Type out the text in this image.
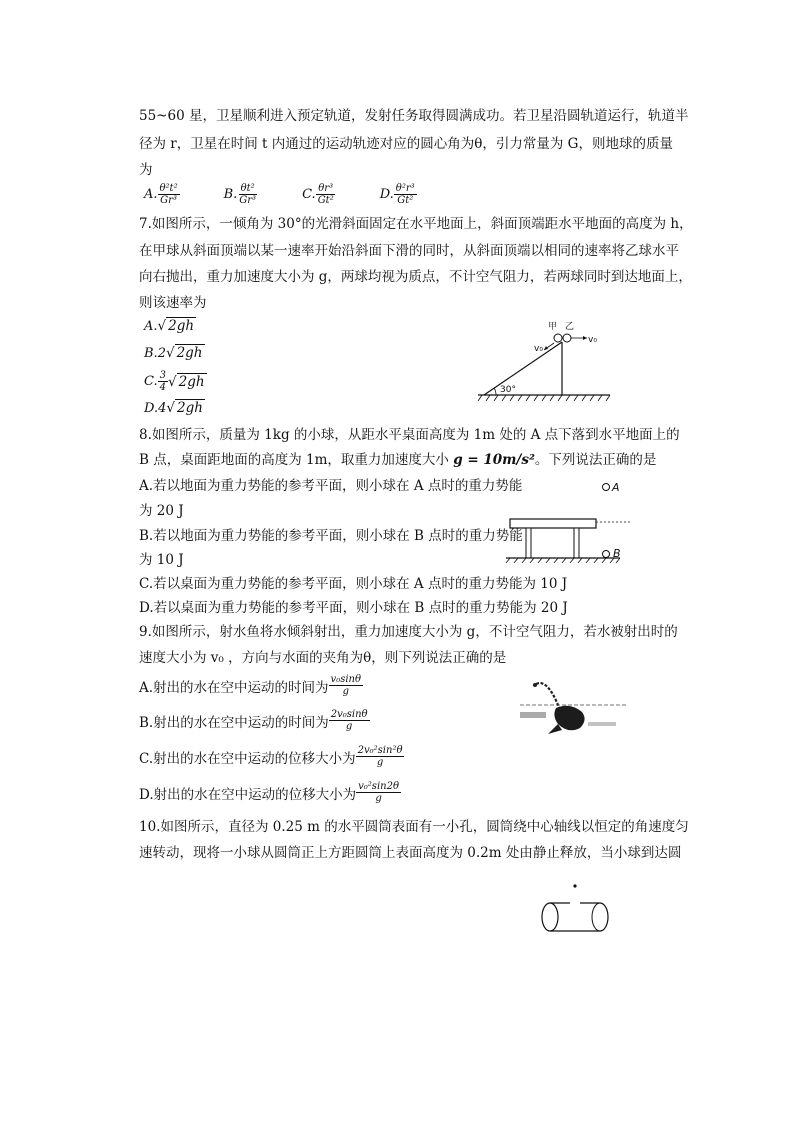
55~60 星，卫星顺利进入预定轨道，发射任务取得圆满成功。若卫星沿圆轨道运行，轨道半
径为 r，卫星在时间 t 内通过的运动轨迹对应的圆心角为θ，引力常量为 G，则地球的质量
为
A. $\frac{\text{θ²t²}}{\text{Gr³}}$	B. $\frac{\text{θt²}}{\text{Gr³}}$	C. $\frac{\text{θr³}}{\text{Gt²}}$	D. $\frac{\text{θ²r³}}{\text{Gt²}}$
7.如图所示，一倾角为 30°的光滑斜面固定在水平地面上，斜面顶端距水平地面的高度为 h，
在甲球从斜面顶端以某一速率开始沿斜面下滑的同时，从斜面顶端以相同的速率将乙球水平
向右抛出，重力加速度大小为 g，两球均视为质点，不计空气阻力，若两球同时到达地面上，
则该速率为
A. √ 2gh
B. 2 √ 2gh
C. $\frac{3}{4}$ √ 2gh
D. 4 √ 2gh
30°
甲 乙
v₀
v₀
8.如图所示，质量为 1kg 的小球，从距水平桌面高度为 1m 处的 A 点下落到水平地面上的
B 点，桌面距地面的高度为 1m，取重力加速度大小 g = 10m/s²。下列说法正确的是
A.若以地面为重力势能的参考平面，则小球在 A 点时的重力势能
为 20 J
B.若以地面为重力势能的参考平面，则小球在 B 点时的重力势能
为 10 J
C.若以桌面为重力势能的参考平面，则小球在 A 点时的重力势能为 10 J
D.若以桌面为重力势能的参考平面，则小球在 B 点时的重力势能为 20 J
A
B
9.如图所示，射水鱼将水倾斜射出，重力加速度大小为 g，不计空气阻力，若水被射出时的
速度大小为 v₀ ，方向与水面的夹角为θ，则下列说法正确的是
A.射出的水在空中运动的时间为 $\frac{\text{v₀sinθ}}{g}$
B.射出的水在空中运动的时间为 $\frac{\text{2v₀sinθ}}{g}$
C.射出的水在空中运动的位移大小为 $\frac{\text{2v₀²sin²θ}}{g}$
D.射出的水在空中运动的位移大小为 $\frac{\text{v₀²sin2θ}}{g}$
10.如图所示，直径为 0.25 m 的水平圆筒表面有一小孔，圆筒绕中心轴线以恒定的角速度匀
速转动，现将一小球从圆筒正上方距圆筒上表面高度为 0.2m 处由静止释放，当小球到达圆
